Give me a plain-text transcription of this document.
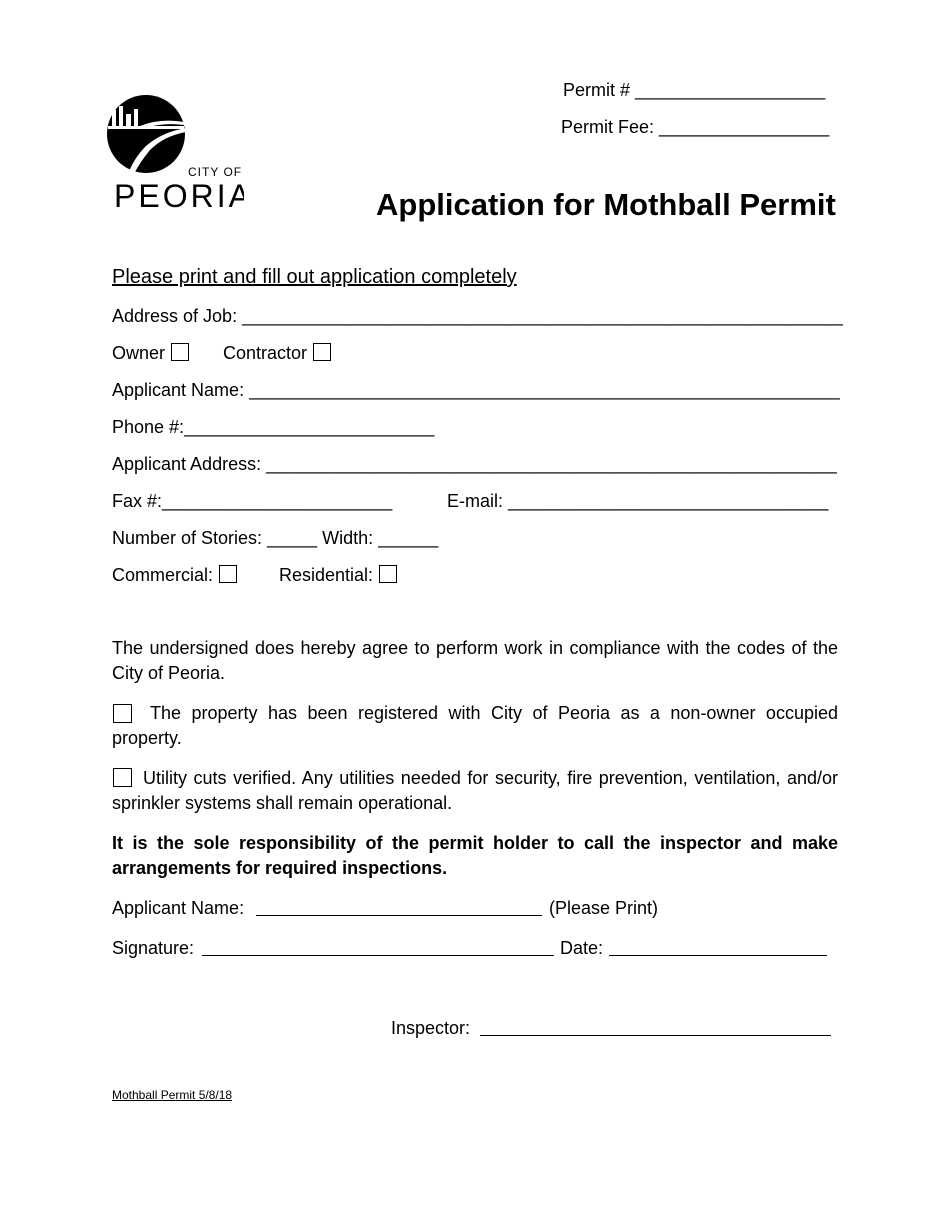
Permit # ___________________
Permit Fee: _________________
CITY OF
PEORIA	Application for Mothball Permit
Please print and fill out application completely
Address of Job: ____________________________________________________________
Owner	Contractor
Applicant Name: ___________________________________________________________
Phone #:_________________________
Applicant Address: _________________________________________________________
Fax #:_______________________	E-mail: ________________________________
Number of Stories: _____ Width: ______
Commercial:	Residential:
The undersigned does hereby agree to perform work in compliance with the codes of the City of Peoria.
The property has been registered with City of Peoria as a non-owner occupied property.
Utility cuts verified. Any utilities needed for security, fire prevention, ventilation, and/or sprinkler systems shall remain operational.
It is the sole responsibility of the permit holder to call the inspector and make arrangements for required inspections.
Applicant Name:	(Please Print)
Signature:	Date:
Inspector:
Mothball Permit 5/8/18
